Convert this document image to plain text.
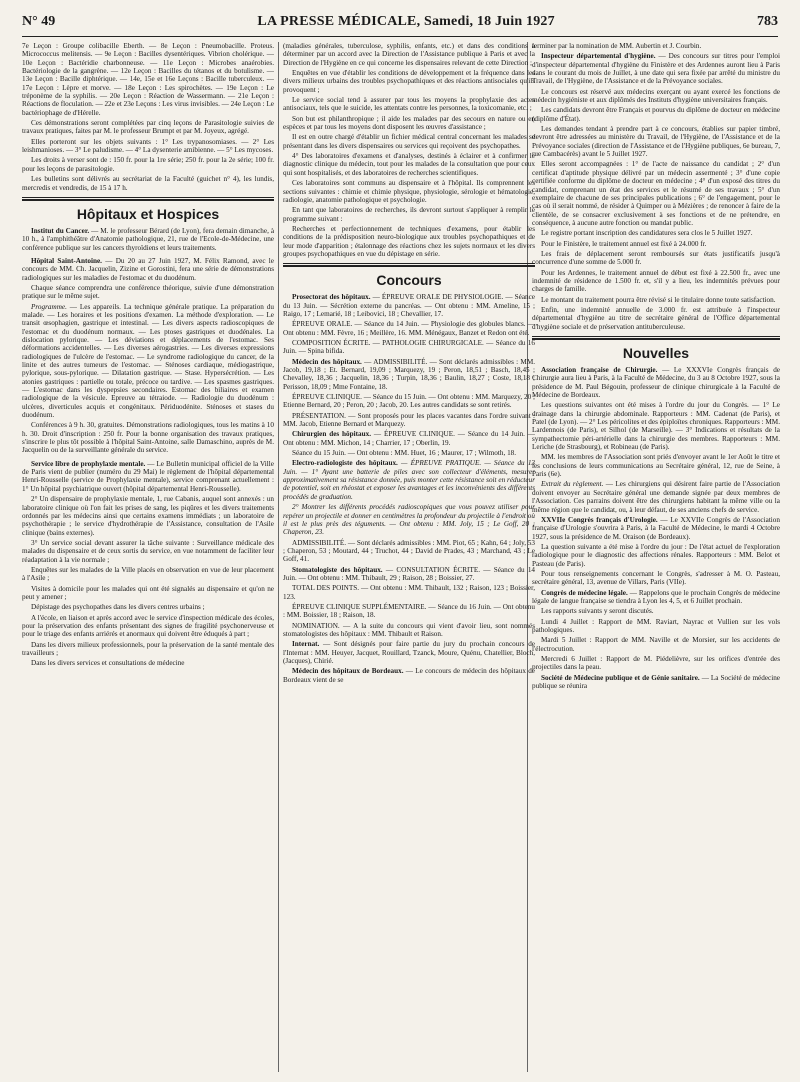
N° 49	LA PRESSE MÉDICALE, Samedi, 18 Juin 1927	783

7e Leçon : Groupe colibacille Eberth. — 8e Leçon : Pneumobacille. Proteus. Micrococcus melitensis. — 9e Leçon : Bacilles dysentériques. Vibrion cholérique. — 10e Leçon : Bactéridie charbonneuse. — 11e Leçon : Microbes anaérobies. Bactériologie de la gangrène. — 12e Leçon : Bacilles du tétanos et du botulisme. — 13e Leçon : Bacille diphtérique. — 14e, 15e et 16e Leçons : Bacille tuberculeux. — 17e Leçon : Lèpre et morve. — 18e Leçon : Les spirochètes. — 19e Leçon : Le tréponème de la syphilis. — 20e Leçon : Réaction de Wassermann. — 21e Leçon : Réactions de floculation. — 22e et 23e Leçons : Les virus invisibles. — 24e Leçon : Le bactériophage de d'Hérelle.

Ces démonstrations seront complétées par cinq leçons de Parasitologie suivies de travaux pratiques, faites par M. le professeur Brumpt et par M. Joyeux, agrégé.

Elles porteront sur les objets suivants : 1° Les trypanosomiases. — 2° Les leishmanioses. — 3° Le paludisme. — 4° La dysenterie amibienne. — 5° Les mycoses.

Les droits à verser sont de : 150 fr. pour la 1re série; 250 fr. pour la 2e série; 100 fr. pour les leçons de parasitologie.

Les bulletins sont délivrés au secrétariat de la Faculté (guichet n° 4), les lundis, mercredis et vendredis, de 15 à 17 h.

Hôpitaux et Hospices

Institut du Cancer. — M. le professeur Bérard (de Lyon), fera demain dimanche, à 10 h., à l'amphithéâtre d'Anatomie pathologique, 21, rue de l'Ecole-de-Médecine, une conférence publique sur les cancers thyroïdiens et leurs traitements.

Hôpital Saint-Antoine. — Du 20 au 27 Juin 1927, M. Félix Ramond, avec le concours de MM. Ch. Jacquelin, Zizine et Gorostini, fera une série de démonstrations radiologiques sur les maladies de l'estomac et du duodénum.

Chaque séance comprendra une conférence théorique, suivie d'une démonstration pratique sur le même sujet.

Programme. — Les appareils. La technique générale pratique. La préparation du malade. — Les horaires et les positions d'examen. La méthode d'exploration. — Le transit œsophagien, gastrique et intestinal. — Les divers aspects radioscopiques de l'estomac et du duodénum normaux. — Les ptoses gastriques et duodénales. La dislocation pylorique. — Les déviations et déplacements de l'estomac. Ses déformations accidentelles. — Les diverses aérogastries. — Les diverses expressions radiologiques de l'ulcère de l'estomac. — Le syndrome radiologique du cancer, de la linite et des autres tumeurs de l'estomac. — Sténoses cardiaque, médiogastrique, pylorique, sous-pylorique. — Dilatation gastrique. — Stase. Hypersécrétion. — Les atonies gastriques : partielle ou totale, précoce ou tardive. — Les spasmes gastriques. — L'estomac dans les dyspepsies secondaires. Estomac des biliaires et examen radiologique de la vésicule. Epreuve au tétraiode. — Radiologie du duodénum : ulcères, diverticules acquis et congénitaux. Périduodénite. Sténoses et stases du duodénum.

Conférences à 9 h. 30, gratuites. Démonstrations radiologiques, tous les matins à 10 h. 30. Droit d'inscription : 250 fr. Pour la bonne organisation des travaux pratiques, s'inscrire le plus tôt possible à l'hôpital Saint-Antoine, salle Damaschino, auprès de M. Jacquelin ou de la surveillante générale du service.

Service libre de prophylaxie mentale. — Le Bulletin municipal officiel de la Ville de Paris vient de publier (numéro du 29 Mai) le règlement de l'hôpital départemental Henri-Rousselle (service de Prophylaxie mentale), service comprenant actuellement : 1° Un hôpital psychiatrique ouvert (hôpital départemental Henri-Rousselle).

2° Un dispensaire de prophylaxie mentale, 1, rue Cabanis, auquel sont annexés : un laboratoire clinique où l'on fait les prises de sang, les piqûres et les divers traitements ordonnés par les médecins ainsi que certains examens immédiats ; un laboratoire de psychothérapie ; le service d'hydrothérapie de l'Assistance, consultation de l'Asile clinique (bains externes).

3° Un service social devant assurer la tâche suivante : Surveillance médicale des malades du dispensaire et de ceux sortis du service, en vue notamment de faciliter leur réadaptation à la vie normale ;

Enquêtes sur les malades de la Ville placés en observation en vue de leur placement à l'Asile ;

Visites à domicile pour les malades qui ont été signalés au dispensaire et qu'on ne peut y amener ;

Dépistage des psychopathes dans les divers centres urbains ;

A l'école, en liaison et après accord avec le service d'inspection médicale des écoles, pour la préservation des enfants présentant des signes de fragilité psychonerveuse et pour le triage des enfants arriérés et anormaux qui doivent être éduqués à part ;

Dans les divers milieux professionnels, pour la préservation de la santé mentale des travailleurs ;

Dans les divers services et consultations de médecine

(maladies générales, tuberculose, syphilis, enfants, etc.) et dans des conditions à déterminer par un accord avec la Direction de l'Assistance publique à Paris et avec la Direction de l'Hygiène en ce qui concerne les dispensaires relevant de cette Direction ;

Enquêtes en vue d'établir les conditions de développement et la fréquence dans les divers milieux urbains des troubles psychopathiques et des réactions antisociales qu'ils provoquent ;

Le service social tend à assurer par tous les moyens la prophylaxie des actes antisociaux, tels que le suicide, les attentats contre les personnes, la toxicomanie, etc. ;

Son but est philanthropique ; il aide les malades par des secours en nature ou en espèces et par tous les moyens dont disposent les œuvres d'assistance ;

Il est en outre chargé d'établir un fichier médical central concernant les malades se présentant dans les divers dispensaires ou services qui reçoivent des psychopathes.

4° Des laboratoires d'examens et d'analyses, destinés à éclairer et à confirmer le diagnostic clinique du médecin, tout pour les malades de la consultation que pour ceux qui sont hospitalisés, et des laboratoires de recherches scientifiques.

Ces laboratoires sont communs au dispensaire et à l'hôpital. Ils comprennent les sections suivantes : chimie et chimie physique, physiologie, sérologie et hématologie, radiologie, anatomie pathologique et psychologie.

En tant que laboratoires de recherches, ils devront surtout s'appliquer à remplir le programme suivant :

Recherches et perfectionnement de techniques d'examens, pour établir les conditions de la prédisposition neuro-biologique aux troubles psychopathiques et de leur mode d'apparition ; étalonnage des réactions chez les sujets normaux et les divers groupes psychopathiques en vue du dépistage en série.

Concours

Prosectorat des hôpitaux. — ÉPREUVE ORALE DE PHYSIOLOGIE. — Séance du 13 Juin. — Sécrétion externe du pancréas. — Ont obtenu : MM. Ameline, 15 ; Raigo, 17 ; Lemarié, 18 ; Leibovici, 18 ; Chevallier, 17.

ÉPREUVE ORALE. — Séance du 14 Juin. — Physiologie des globules blancs. — Ont obtenu : MM. Fèvre, 16 ; Meillère, 16. MM. Ménégaux, Banzet et Redon ont été.

COMPOSITION ÉCRITE. — PATHOLOGIE CHIRURGICALE. — Séance du 16 Juin. — Spina bifida.

Médecin des hôpitaux. — ADMISSIBILITÉ. — Sont déclarés admissibles : MM. Jacob, 19,18 ; Et. Bernard, 19,09 ; Marquezy, 19 ; Peron, 18,51 ; Basch, 18,45 ; Chevalley, 18,36 ; Jacquelin, 18,36 ; Turpin, 18,36 ; Baulin, 18,27 ; Coste, 18,18 ; Perisson, 18,09 ; Mme Fontaine, 18.

ÉPREUVE CLINIQUE. — Séance du 15 Juin. — Ont obtenu : MM. Marquezy, 20 ; Etienne Bernard, 20 ; Peron, 20 ; Jacob, 20. Les autres candidats se sont retirés.

PRÉSENTATION. — Sont proposés pour les places vacantes dans l'ordre suivant : MM. Jacob, Etienne Bernard et Marquezy.

Chirurgien des hôpitaux. — ÉPREUVE CLINIQUE. — Séance du 14 Juin. — Ont obtenu : MM. Michon, 14 ; Charrier, 17 ; Oberlin, 19.

Séance du 15 Juin. — Ont obtenu : MM. Huet, 16 ; Maurer, 17 ; Wilmoth, 18.

Electro-radiologiste des hôpitaux. — ÉPREUVE PRATIQUE. — Séance du 13 Juin. — 1° Ayant une batterie de piles avec son collecteur d'éléments, mesurer approximativement sa résistance donnée, puis monter cette résistance soit en réducteur de potentiel, soit en rhéostat et exposer les avantages et les inconvénients des différents procédés de graduation.

2° Montrer les différents procédés radioscopiques que vous pouvez utiliser pour repérer un projectile et donner en centimètres la profondeur du projectile à l'endroit où il est le plus près des téguments. — Ont obtenu : MM. Joly, 15 ; Le Goff, 20 ; Chaperon, 23.

ADMISSIBILITÉ. — Sont déclarés admissibles : MM. Piot, 65 ; Kahn, 64 ; Joly, 53 ; Chaperon, 53 ; Moutard, 44 ; Truchot, 44 ; David de Prades, 43 ; Marchand, 43 ; Le Goff, 41.

Stomatologiste des hôpitaux. — CONSULTATION ÉCRITE. — Séance du 14 Juin. — Ont obtenu : MM. Thibault, 29 ; Raison, 28 ; Boissier, 27.

TOTAL DES POINTS. — Ont obtenu : MM. Thibault, 132 ; Raison, 123 ; Boissier, 123.

ÉPREUVE CLINIQUE SUPPLÉMENTAIRE. — Séance du 16 Juin. — Ont obtenu : MM. Boissier, 18 ; Raison, 18.

NOMINATION. — A la suite du concours qui vient d'avoir lieu, sont nommés stomatologistes des hôpitaux : MM. Thibault et Raison.

Internat. — Sont désignés pour faire partie du jury du prochain concours de l'Internat : MM. Heuyer, Jacquet, Rouillard, Tzanck, Moure, Quénu, Chatellier, Bloch, (Jacques), Chirié.

Médecin des hôpitaux de Bordeaux. — Le concours de médecin des hôpitaux de Bordeaux vient de se

terminer par la nomination de MM. Aubertin et J. Courbin.

Inspecteur départemental d'hygiène. — Des concours sur titres pour l'emploi d'inspecteur départemental d'hygiène du Finistère et des Ardennes auront lieu à Paris dans le courant du mois de Juillet, à une date qui sera fixée par arrêté du ministre du Travail, de l'Hygiène, de l'Assistance et de la Prévoyance sociales.

Le concours est réservé aux médecins exerçant ou ayant exercé les fonctions de médecin hygiéniste et aux diplômés des Instituts d'hygiène universitaires français.

Les candidats devront être Français et pourvus du diplôme de docteur en médecine (diplôme d'État).

Les demandes tendant à prendre part à ce concours, établies sur papier timbré, devront être adressées au ministère du Travail, de l'Hygiène, de l'Assistance et de la Prévoyance sociales (direction de l'Assistance et de l'Hygiène publiques, 6e bureau, 7, rue Cambacérès) avant le 5 Juillet 1927.

Elles seront accompagnées : 1° de l'acte de naissance du candidat ; 2° d'un certificat d'aptitude physique délivré par un médecin assermenté ; 3° d'une copie certifiée conforme du diplôme de docteur en médecine ; 4° d'un exposé des titres du candidat, comprenant un état des services et le résumé de ses travaux ; 5° d'un exemplaire de chacune de ses principales publications ; 6° de l'engagement, pour le cas où il serait nommé, de résider à Quimper ou à Mézières ; de renoncer à faire de la clientèle, de se consacrer exclusivement à ses fonctions et de ne prétendre, en conséquence, à aucune autre fonction ou mandat public.

Le registre portant inscription des candidatures sera clos le 5 Juillet 1927.

Pour le Finistère, le traitement annuel est fixé à 24.000 fr.

Les frais de déplacement seront remboursés sur états justificatifs jusqu'à concurrence d'une somme de 5.000 fr.

Pour les Ardennes, le traitement annuel de début est fixé à 22.500 fr., avec une indemnité de résidence de 1.500 fr. et, s'il y a lieu, les indemnités prévues pour charges de famille.

Le montant du traitement pourra être révisé si le titulaire donne toute satisfaction.

Enfin, une indemnité annuelle de 3.000 fr. est attribuée à l'inspecteur départemental d'hygiène au titre de secrétaire général de l'Office départemental d'hygiène sociale et de préservation antituberculeuse.

Nouvelles

Association française de Chirurgie. — Le XXXVIe Congrès français de Chirurgie aura lieu à Paris, à la Faculté de Médecine, du 3 au 8 Octobre 1927, sous la présidence de M. Paul Bégouin, professeur de clinique chirurgicale à la Faculté de Médecine de Bordeaux.

Les questions suivantes ont été mises à l'ordre du jour du Congrès. — 1° Le drainage dans la chirurgie abdominale. Rapporteurs : MM. Cadenat (de Paris), et Patel (de Lyon). — 2° Les péricolites et des épiploïtes chroniques. Rapporteurs : MM. Lardennois (de Paris), et Silhol (de Marseille). — 3° Indications et résultats de la sympathectomie péri-artérielle dans la chirurgie des membres. Rapporteurs : MM. Leriche (de Strasbourg), et Robineau (de Paris).

MM. les membres de l'Association sont priés d'envoyer avant le 1er Août le titre et les conclusions de leurs communications au Secrétaire général, 12, rue de Seine, à Paris (6e).

Extrait du règlement. — Les chirurgiens qui désirent faire partie de l'Association doivent envoyer au Secrétaire général une demande signée par deux membres de l'Association. Ces parrains doivent être des chirurgiens habitant la même ville ou la même région que le candidat, ou, à leur défaut, de ses anciens chefs de service.

XXVIIe Congrès français d'Urologie. — Le XXVIIe Congrès de l'Association française d'Urologie s'ouvrira à Paris, à la Faculté de Médecine, le mardi 4 Octobre 1927, sous la présidence de M. Oraison (de Bordeaux).

La question suivante a été mise à l'ordre du jour : De l'état actuel de l'exploration radiologique pour le diagnostic des affections rénales. Rapporteurs : MM. Belot et Pasteau (de Paris).

Pour tous renseignements concernant le Congrès, s'adresser à M. O. Pasteau, secrétaire général, 13, avenue de Villars, Paris (VIIe).

Congrès de médecine légale. — Rappelons que le prochain Congrès de médecine légale de langue française se tiendra à Lyon les 4, 5, et 6 Juillet prochain.

Les rapports suivants y seront discutés.

Lundi 4 Juillet : Rapport de MM. Raviart, Nayrac et Vullien sur les vols pathologiques.

Mardi 5 Juillet : Rapport de MM. Naville et de Morsier, sur les accidents de l'électrocution.

Mercredi 6 Juillet : Rapport de M. Piédelièvre, sur les orifices d'entrée des projectiles dans la peau.

Société de Médecine publique et de Génie sanitaire. — La Société de médecine publique se réunira
